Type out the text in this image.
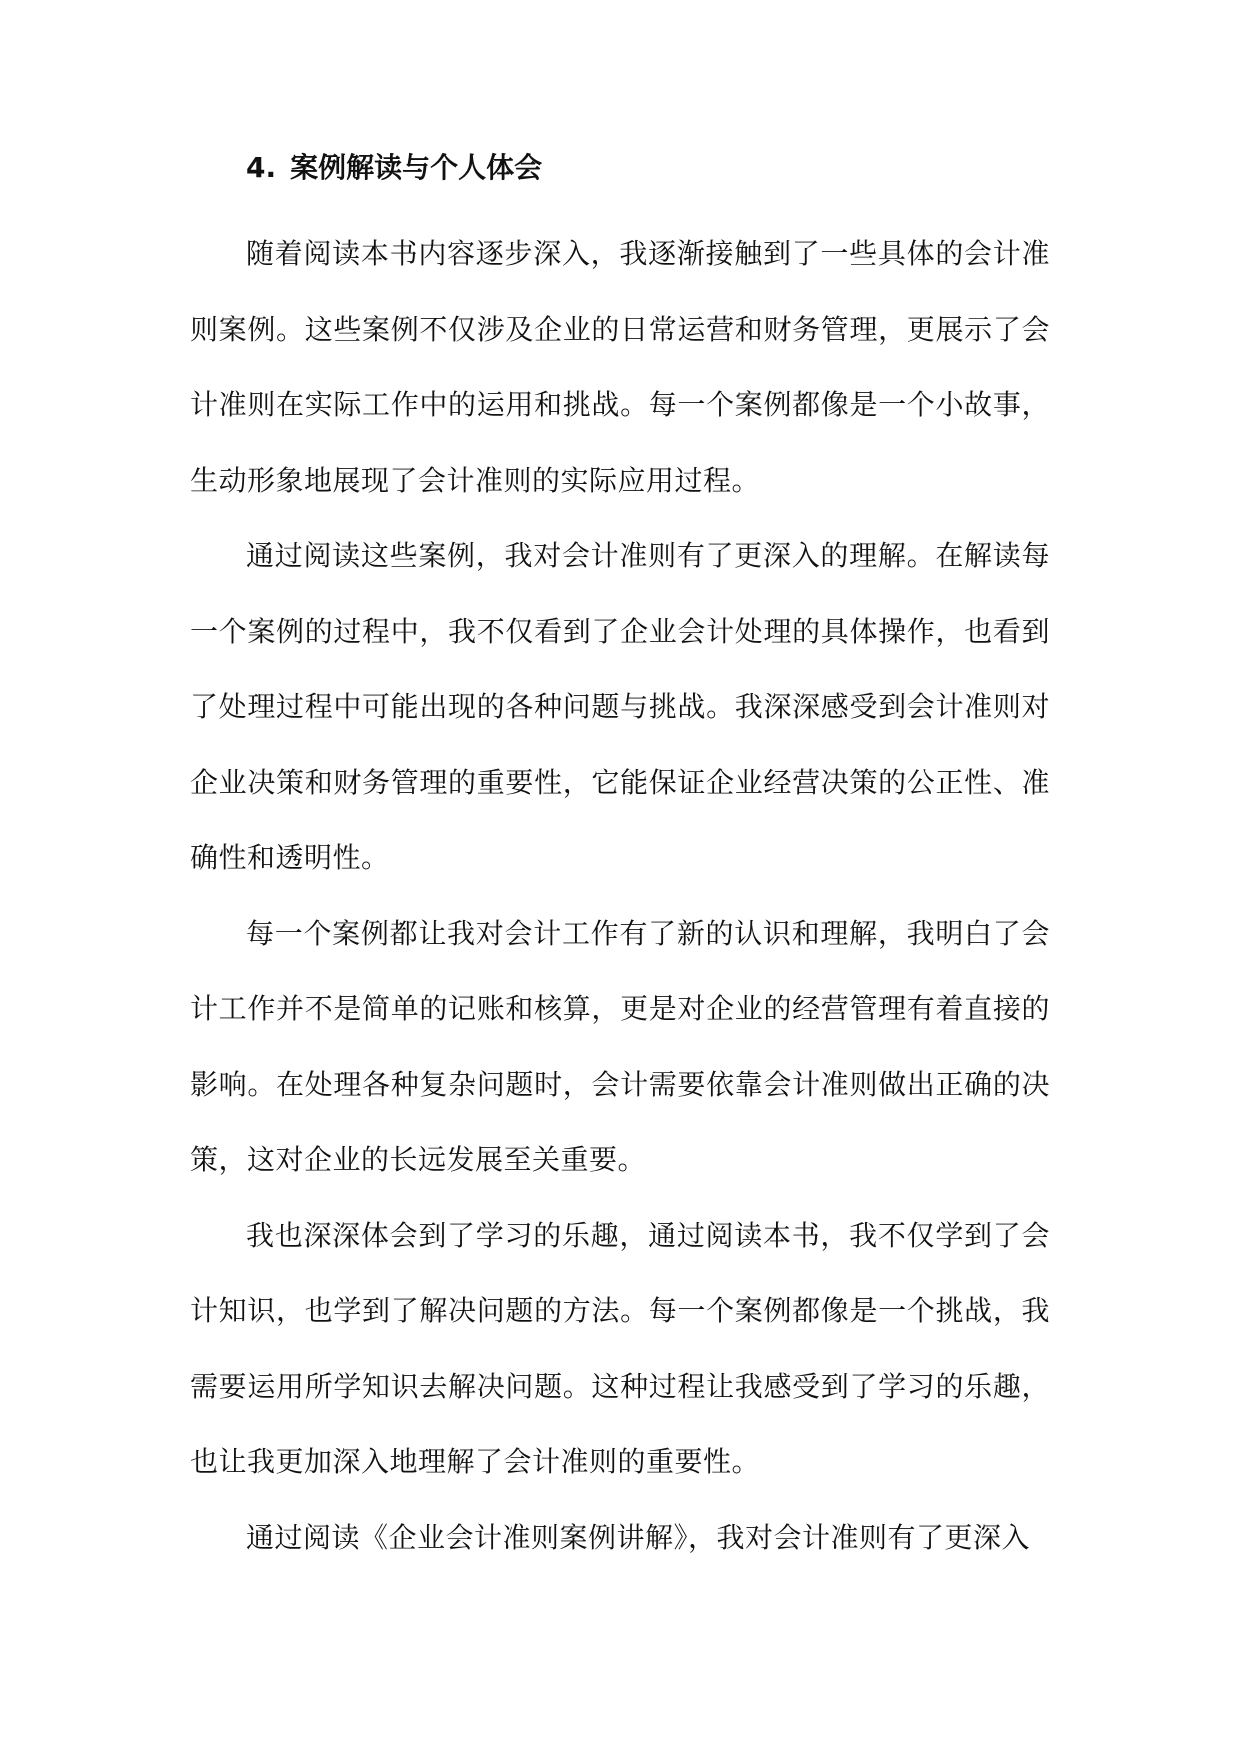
4. 案例解读与个人体会

随着阅读本书内容逐步深入，我逐渐接触到了一些具体的会计准则案例。这些案例不仅涉及企业的日常运营和财务管理，更展示了会计准则在实际工作中的运用和挑战。每一个案例都像是一个小故事，生动形象地展现了会计准则的实际应用过程。

通过阅读这些案例，我对会计准则有了更深入的理解。在解读每一个案例的过程中，我不仅看到了企业会计处理的具体操作，也看到了处理过程中可能出现的各种问题与挑战。我深深感受到会计准则对企业决策和财务管理的重要性，它能保证企业经营决策的公正性、准确性和透明性。

每一个案例都让我对会计工作有了新的认识和理解，我明白了会计工作并不是简单的记账和核算，更是对企业的经营管理有着直接的影响。在处理各种复杂问题时，会计需要依靠会计准则做出正确的决策，这对企业的长远发展至关重要。

我也深深体会到了学习的乐趣，通过阅读本书，我不仅学到了会计知识，也学到了解决问题的方法。每一个案例都像是一个挑战，我需要运用所学知识去解决问题。这种过程让我感受到了学习的乐趣，也让我更加深入地理解了会计准则的重要性。

通过阅读《企业会计准则案例讲解》，我对会计准则有了更深入
